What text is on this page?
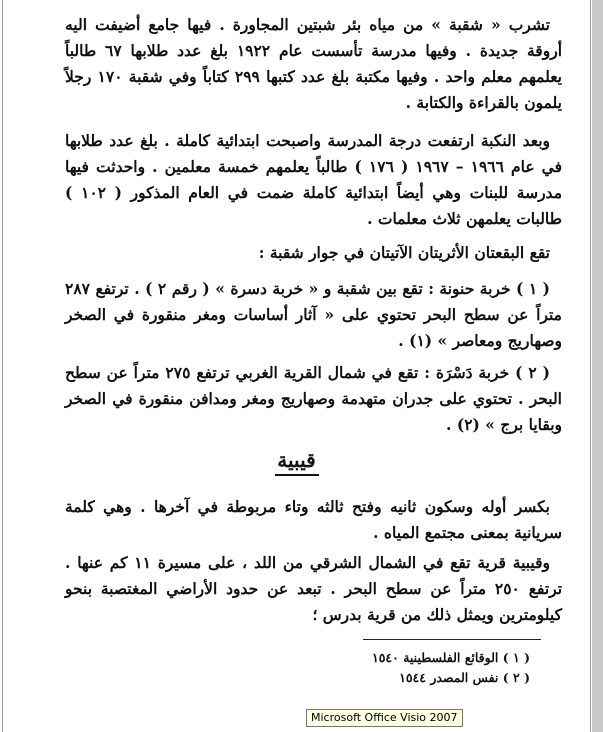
تشرب « شقبة » من مياه بئر شبتين المجاورة . فيها جامع أضيفت اليه أروقة جديدة . وفيها مدرسة تأسست عام ١٩٢٢ بلغ عدد طلابها ٦٧ طالباً يعلمهم معلم واحد . وفيها مكتبة بلغ عدد كتبها ٢٩٩ كتاباً وفي شقبة ١٧٠ رجلاً يلمون بالقراءة والكتابة .

وبعد النكبة ارتفعت درجة المدرسة واصبحت ابتدائية كاملة . بلغ عدد طلابها في عام ١٩٦٦ – ١٩٦٧ ( ١٧٦ ) طالباً يعلمهم خمسة معلمين . واحدثت فيها مدرسة للبنات وهي أيضاً ابتدائية كاملة ضمت في العام المذكور ( ١٠٢ ) طالبات يعلمهن ثلاث معلمات .

تقع البقعتان الأثريتان الآتيتان في جوار شقبة :

( ١ ) خربة حنونة : تقع بين شقبة و « خربة دسرة » ( رقم ٢ ) . ترتفع ٢٨٧ متراً عن سطح البحر تحتوي على « آثار أساسات ومغر منقورة في الصخر وصهاريج ومعاصر » (١) .

( ٢ ) خربة دَسْرَة : تقع في شمال القرية الغربي ترتفع ٢٧٥ متراً عن سطح البحر . تحتوي على جدران متهدمة وصهاريج ومغر ومدافن منقورة في الصخر وبقايا برج » (٢) .

قيبية

بكسر أوله وسكون ثانيه وفتح ثالثه وتاء مربوطة في آخرها . وهي كلمة سريانية بمعنى مجتمع المياه .

وقيبية قرية تقع في الشمال الشرقي من اللد ، على مسيرة ١١ كم عنها . ترتفع ٢٥٠ متراً عن سطح البحر . تبعد عن حدود الأراضي المغتصبة بنحو كيلومترين ويمثل ذلك من قرية بدرس ؛

( ١ ) الوقائع الفلسطينية ١٥٤٠
( ٢ ) نفس المصدر ١٥٤٤
Microsoft Office Visio 2007
